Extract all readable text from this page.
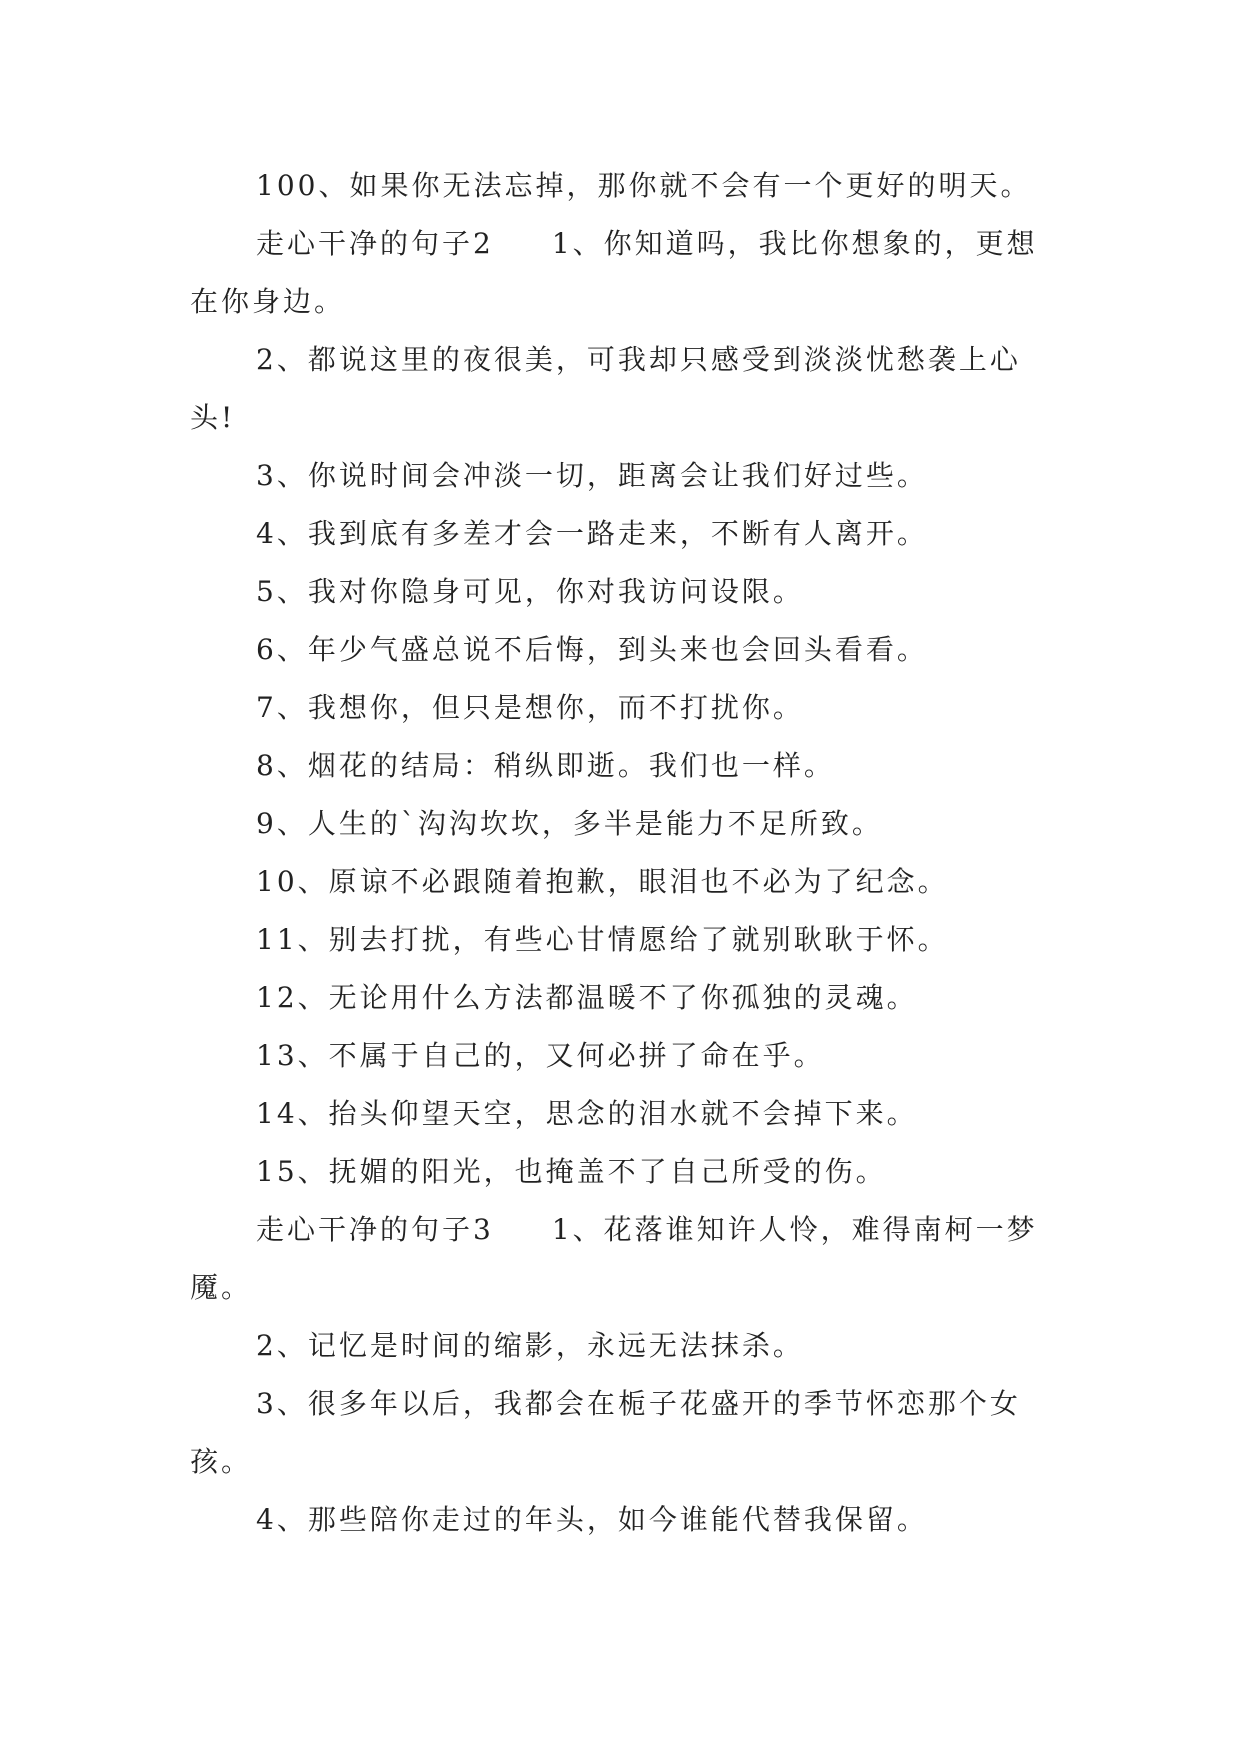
100、如果你无法忘掉，那你就不会有一个更好的明天。

走心干净的句子2 1、你知道吗，我比你想象的，更想在你身边。

2、都说这里的夜很美，可我却只感受到淡淡忧愁袭上心头!

3、你说时间会冲淡一切，距离会让我们好过些。

4、我到底有多差才会一路走来，不断有人离开。

5、我对你隐身可见，你对我访问设限。

6、年少气盛总说不后悔，到头来也会回头看看。

7、我想你，但只是想你，而不打扰你。

8、烟花的结局：稍纵即逝。我们也一样。

9、人生的`沟沟坎坎，多半是能力不足所致。

10、原谅不必跟随着抱歉，眼泪也不必为了纪念。

11、别去打扰，有些心甘情愿给了就别耿耿于怀。

12、无论用什么方法都温暖不了你孤独的灵魂。

13、不属于自己的，又何必拼了命在乎。

14、抬头仰望天空，思念的泪水就不会掉下来。

15、抚媚的阳光，也掩盖不了自己所受的伤。

走心干净的句子3 1、花落谁知许人怜，难得南柯一梦魇。

2、记忆是时间的缩影，永远无法抹杀。

3、很多年以后，我都会在栀子花盛开的季节怀恋那个女孩。

4、那些陪你走过的年头，如今谁能代替我保留。
